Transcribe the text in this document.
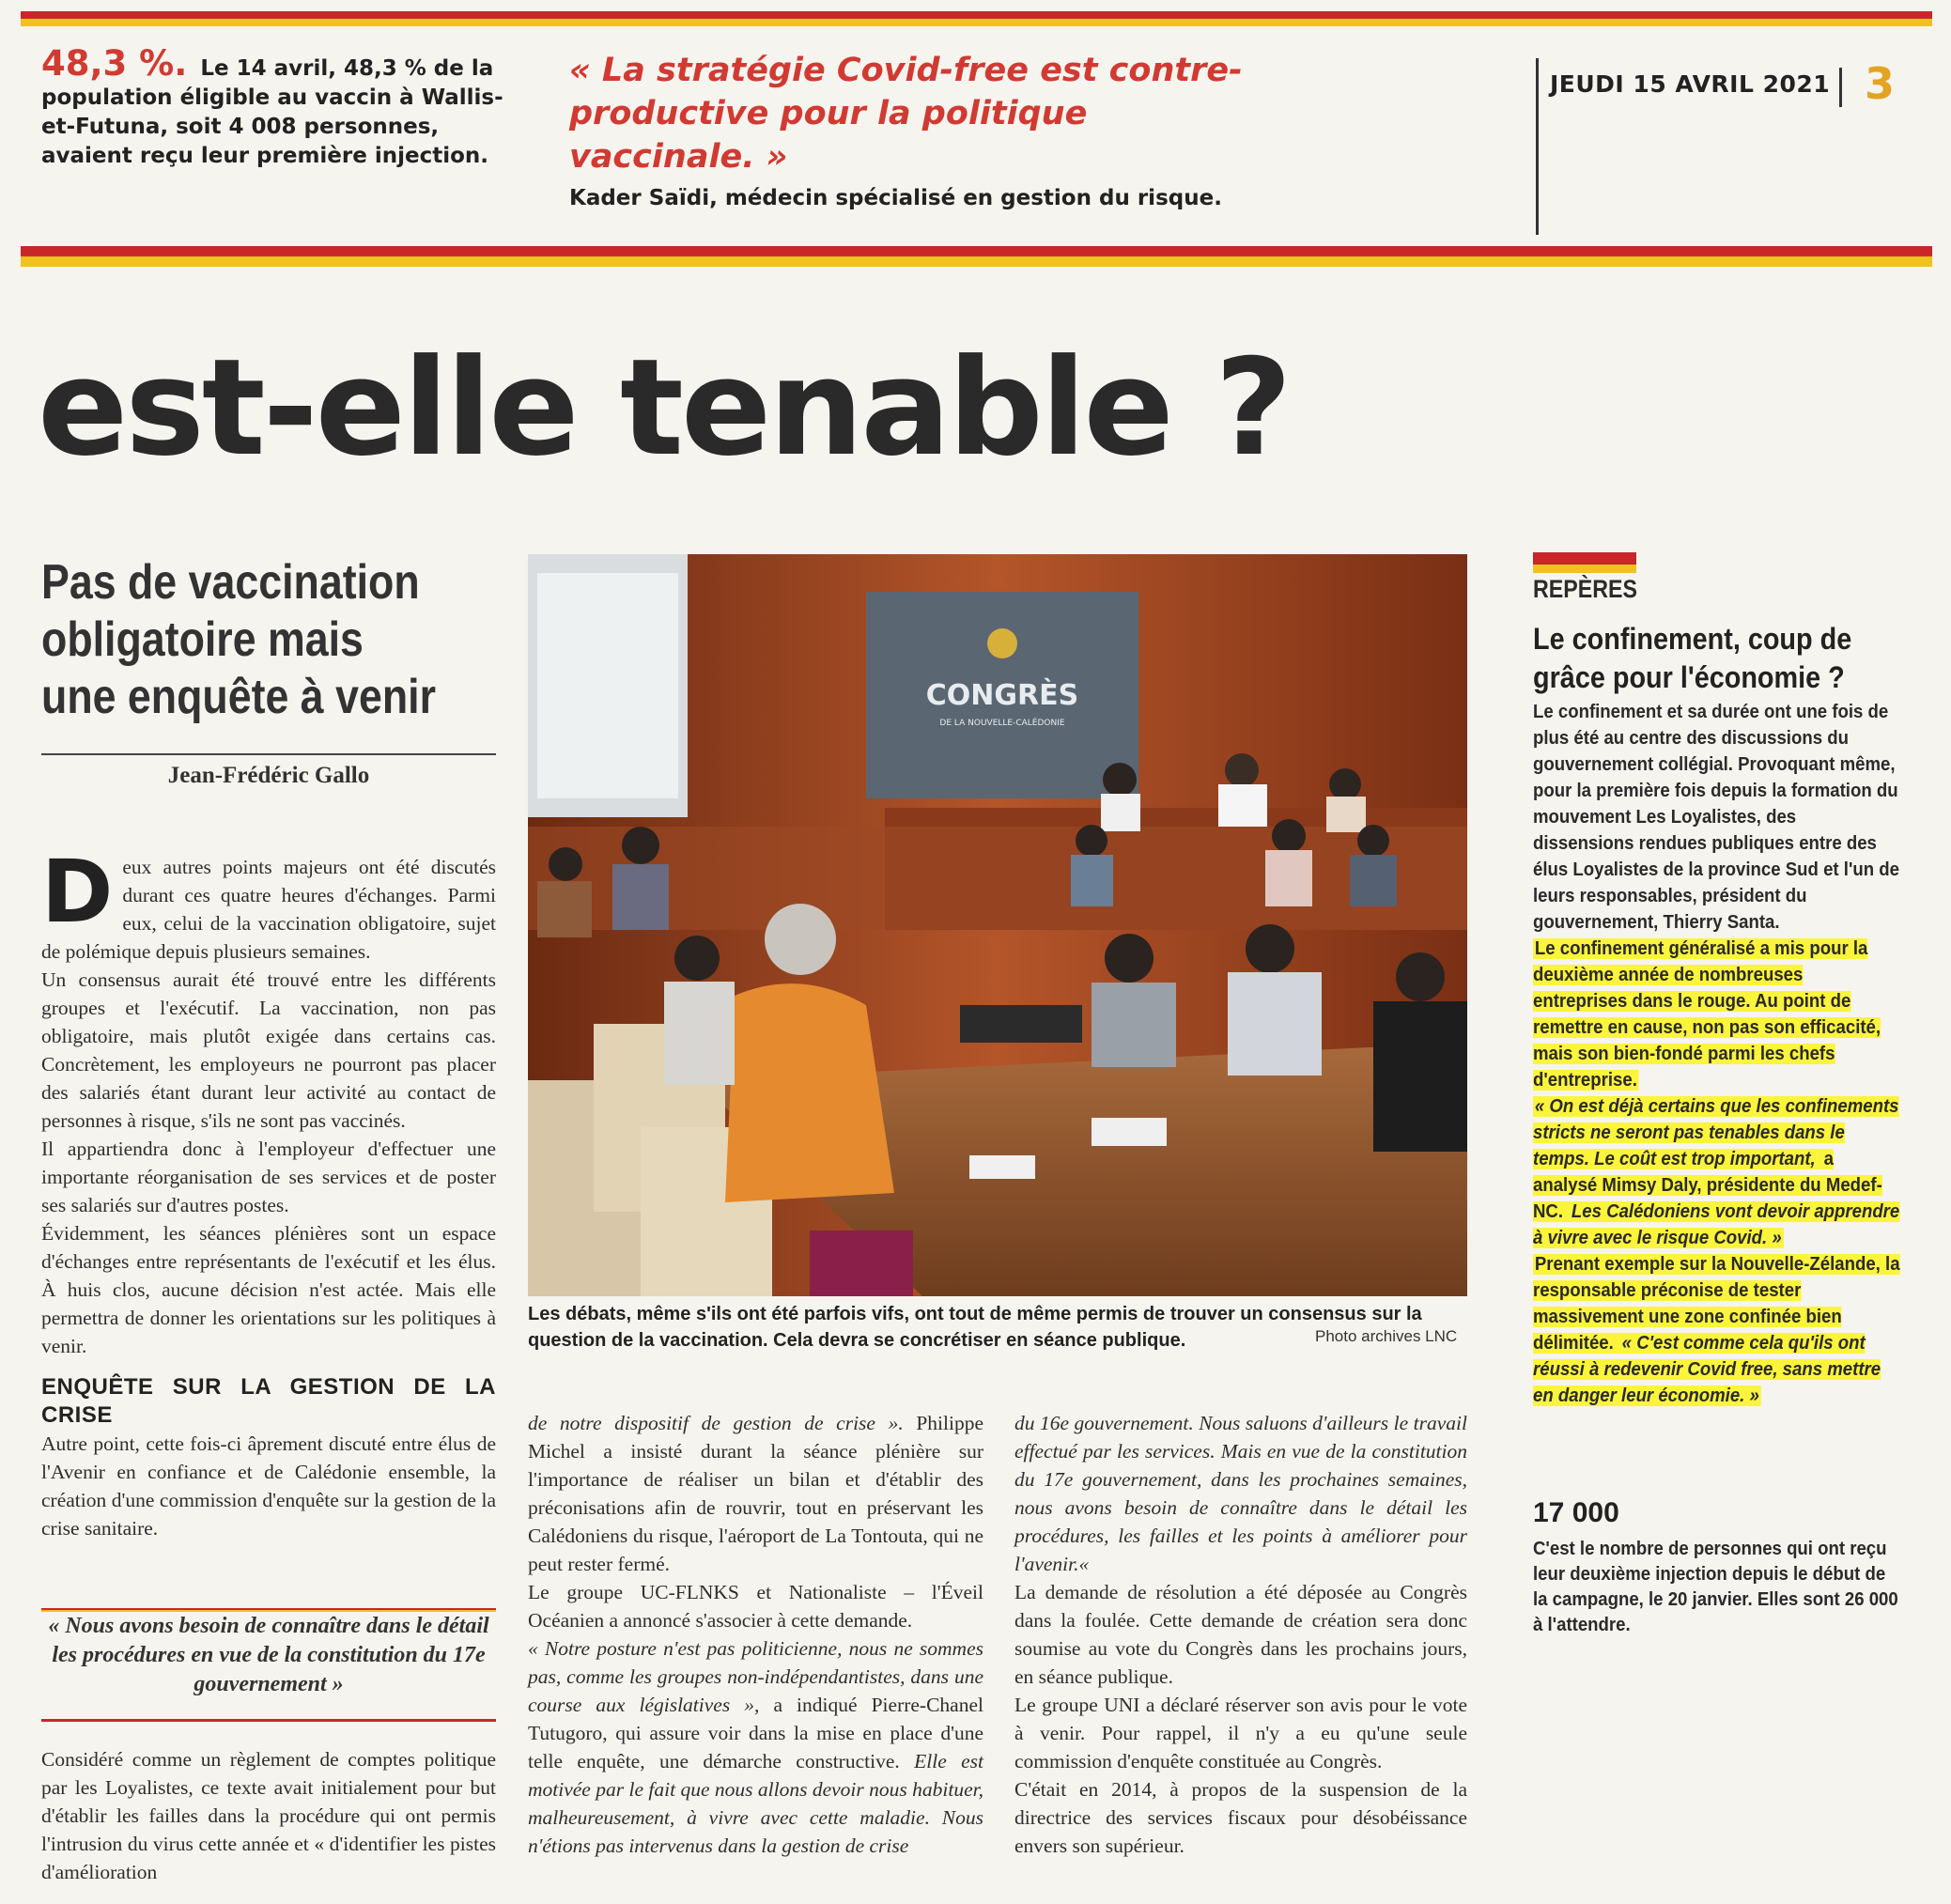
48,3 %. Le 14 avril, 48,3 % de la population éligible au vaccin à Wallis-et-Futuna, soit 4 008 personnes, avaient reçu leur première injection.
« La stratégie Covid-free est contre-productive pour la politique vaccinale. »
Kader Saïdi, médecin spécialisé en gestion du risque.
JEUDI 15 AVRIL 2021 3
est-elle tenable ?
Pas de vaccination obligatoire mais une enquête à venir
Jean-Frédéric Gallo

Deux autres points majeurs ont été discutés durant ces quatre heures d'échanges. Parmi eux, celui de la vaccination obligatoire, sujet de polémique depuis plusieurs semaines.

Un consensus aurait été trouvé entre les différents groupes et l'exécutif. La vaccination, non pas obligatoire, mais plutôt exigée dans certains cas. Concrètement, les employeurs ne pourront pas placer des salariés étant durant leur activité au contact de personnes à risque, s'ils ne sont pas vaccinés.

Il appartiendra donc à l'employeur d'effectuer une importante réorganisation de ses services et de poster ses salariés sur d'autres postes.

Évidemment, les séances plénières sont un espace d'échanges entre représentants de l'exécutif et les élus. À huis clos, aucune décision n'est actée. Mais elle permettra de donner les orientations sur les politiques à venir.

ENQUÊTE SUR LA GESTION DE LA CRISE

Autre point, cette fois-ci âprement discuté entre élus de l'Avenir en confiance et de Calédonie ensemble, la création d'une commission d'enquête sur la gestion de la crise sanitaire.

« Nous avons besoin de connaître dans le détail les procédures en vue de la constitution du 17e gouvernement »

Considéré comme un règlement de comptes politique par les Loyalistes, ce texte avait initialement pour but d'établir les failles dans la procédure qui ont permis l'intrusion du virus cette année et « d'identifier les pistes d'amélioration

CONGRÈS
DE LA NOUVELLE-CALÉDONIE
Les débats, même s'ils ont été parfois vifs, ont tout de même permis de trouver un consensus sur la question de la vaccination. Cela devra se concrétiser en séance publique.	Photo archives LNC

de notre dispositif de gestion de crise ». Philippe Michel a insisté durant la séance plénière sur l'importance de réaliser un bilan et d'établir des préconisations afin de rouvrir, tout en préservant les Calédoniens du risque, l'aéroport de La Tontouta, qui ne peut rester fermé.

Le groupe UC-FLNKS et Nationaliste – l'Éveil Océanien a annoncé s'associer à cette demande.

« Notre posture n'est pas politicienne, nous ne sommes pas, comme les groupes non-indépendantistes, dans une course aux législatives », a indiqué Pierre-Chanel Tutugoro, qui assure voir dans la mise en place d'une telle enquête, une démarche constructive. Elle est motivée par le fait que nous allons devoir nous habituer, malheureusement, à vivre avec cette maladie. Nous n'étions pas intervenus dans la gestion de crise

du 16e gouvernement. Nous saluons d'ailleurs le travail effectué par les services. Mais en vue de la constitution du 17e gouvernement, dans les prochaines semaines, nous avons besoin de connaître dans le détail les procédures, les failles et les points à améliorer pour l'avenir.«

La demande de résolution a été déposée au Congrès dans la foulée. Cette demande de création sera donc soumise au vote du Congrès dans les prochains jours, en séance publique.

Le groupe UNI a déclaré réserver son avis pour le vote à venir. Pour rappel, il n'y a eu qu'une seule commission d'enquête constituée au Congrès.

C'était en 2014, à propos de la suspension de la directrice des services fiscaux pour désobéissance envers son supérieur.

REPÈRES
Le confinement, coup de grâce pour l'économie ?

Le confinement et sa durée ont une fois de plus été au centre des discussions du gouvernement collégial. Provoquant même, pour la première fois depuis la formation du mouvement Les Loyalistes, des dissensions rendues publiques entre des élus Loyalistes de la province Sud et l'un de leurs responsables, président du gouvernement, Thierry Santa.

Le confinement généralisé a mis pour la deuxième année de nombreuses entreprises dans le rouge. Au point de remettre en cause, non pas son efficacité, mais son bien-fondé parmi les chefs d'entreprise.

« On est déjà certains que les confinements stricts ne seront pas tenables dans le temps. Le coût est trop important, a analysé Mimsy Daly, présidente du Medef-NC. Les Calédoniens vont devoir apprendre à vivre avec le risque Covid. »

Prenant exemple sur la Nouvelle-Zélande, la responsable préconise de tester massivement une zone confinée bien délimitée. « C'est comme cela qu'ils ont réussi à redevenir Covid free, sans mettre en danger leur économie. »

17 000
C'est le nombre de personnes qui ont reçu leur deuxième injection depuis le début de la campagne, le 20 janvier. Elles sont 26 000 à l'attendre.
